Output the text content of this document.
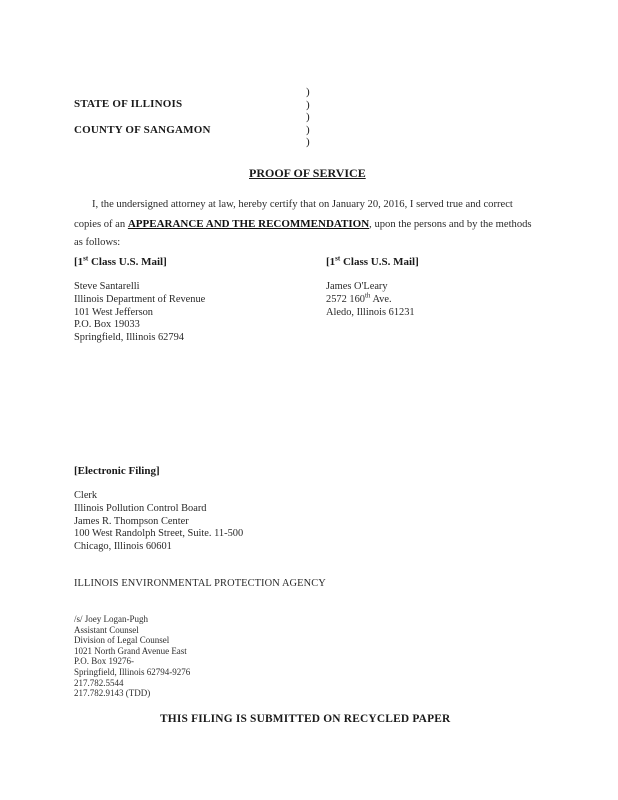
STATE OF ILLINOIS
COUNTY OF SANGAMON
)
)
)
)
)
PROOF OF SERVICE
I, the undersigned attorney at law, hereby certify that on January 20, 2016, I served true and correct
copies of an APPEARANCE AND THE RECOMMENDATION, upon the persons and by the methods
as follows:
[1st Class U.S. Mail]
Steve Santarelli
Illinois Department of Revenue
101 West Jefferson
P.O. Box 19033
Springfield, Illinois 62794
[1st Class U.S. Mail]
James O'Leary
2572 160th Ave.
Aledo, Illinois 61231
[Electronic Filing]
Clerk
Illinois Pollution Control Board
James R. Thompson Center
100 West Randolph Street, Suite. 11-500
Chicago, Illinois 60601
ILLINOIS ENVIRONMENTAL PROTECTION AGENCY
/s/ Joey Logan-Pugh
Assistant Counsel
Division of Legal Counsel
1021 North Grand Avenue East
P.O. Box 19276-
Springfield, Illinois 62794-9276
217.782.5544
217.782.9143 (TDD)
THIS FILING IS SUBMITTED ON RECYCLED PAPER
